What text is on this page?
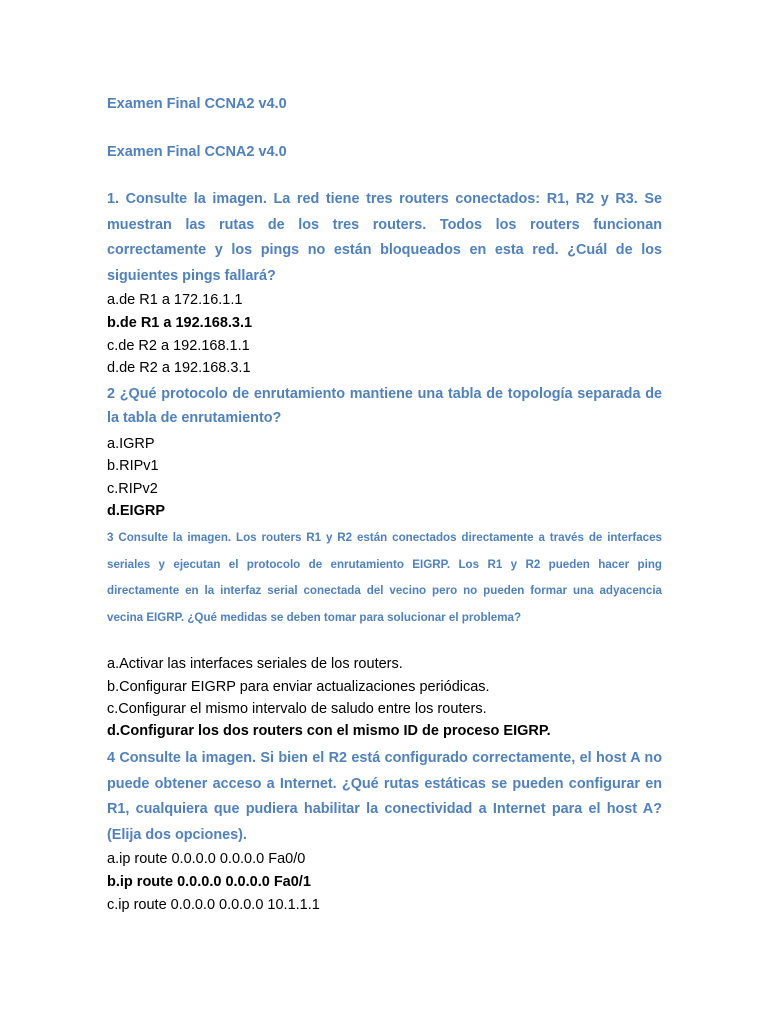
Examen Final CCNA2 v4.0

Examen Final CCNA2 v4.0

1. Consulte la imagen. La red tiene tres routers conectados: R1, R2 y R3. Se muestran las rutas de los tres routers. Todos los routers funcionan correctamente y los pings no están bloqueados en esta red. ¿Cuál de los siguientes pings fallará?

a.de R1 a 172.16.1.1

b.de R1 a 192.168.3.1

c.de R2 a 192.168.1.1

d.de R2 a 192.168.3.1

2 ¿Qué protocolo de enrutamiento mantiene una tabla de topología separada de la tabla de enrutamiento?

a.IGRP

b.RIPv1

c.RIPv2

d.EIGRP

3 Consulte la imagen. Los routers R1 y R2 están conectados directamente a través de interfaces seriales y ejecutan el protocolo de enrutamiento EIGRP. Los R1 y R2 pueden hacer ping directamente en la interfaz serial conectada del vecino pero no pueden formar una adyacencia vecina EIGRP. ¿Qué medidas se deben tomar para solucionar el problema?

a.Activar las interfaces seriales de los routers.

b.Configurar EIGRP para enviar actualizaciones periódicas.

c.Configurar el mismo intervalo de saludo entre los routers.

d.Configurar los dos routers con el mismo ID de proceso EIGRP.

4 Consulte la imagen. Si bien el R2 está configurado correctamente, el host A no puede obtener acceso a Internet. ¿Qué rutas estáticas se pueden configurar en R1, cualquiera que pudiera habilitar la conectividad a Internet para el host A? (Elija dos opciones).

a.ip route 0.0.0.0 0.0.0.0 Fa0/0

b.ip route 0.0.0.0 0.0.0.0 Fa0/1

c.ip route 0.0.0.0 0.0.0.0 10.1.1.1
